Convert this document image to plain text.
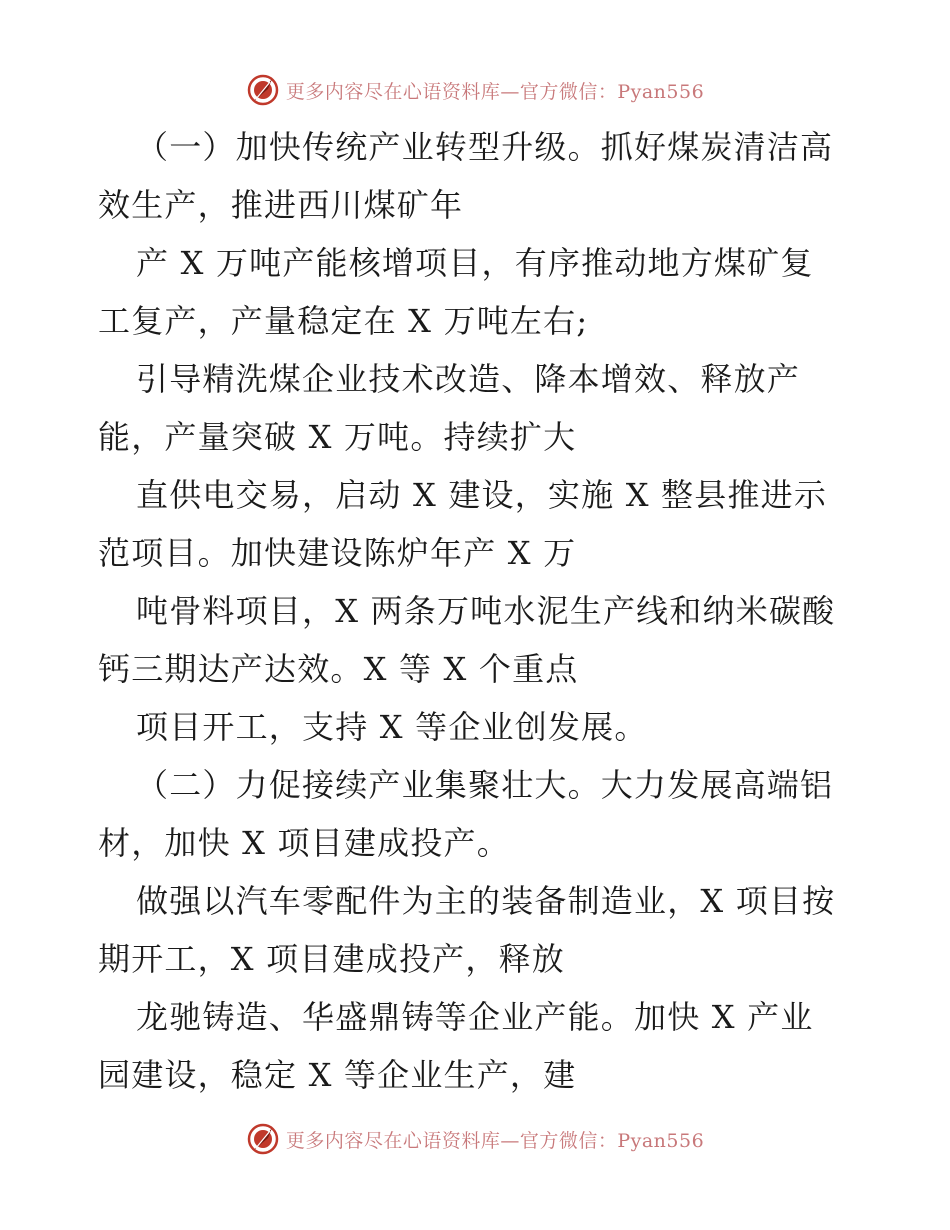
更多内容尽在心语资料库—官方微信：Pyan556
（一）加快传统产业转型升级。抓好煤炭清洁高
效生产，推进西川煤矿年
产 X 万吨产能核增项目，有序推动地方煤矿复
工复产，产量稳定在 X 万吨左右;
引导精洗煤企业技术改造、降本增效、释放产
能，产量突破 X 万吨。持续扩大
直供电交易，启动 X 建设，实施 X 整县推进示
范项目。加快建设陈炉年产 X 万
吨骨料项目，X 两条万吨水泥生产线和纳米碳酸
钙三期达产达效。X 等 X 个重点
项目开工，支持 X 等企业创发展。
（二）力促接续产业集聚壮大。大力发展高端铝
材，加快 X 项目建成投产。
做强以汽车零配件为主的装备制造业，X 项目按
期开工，X 项目建成投产，释放
龙驰铸造、华盛鼎铸等企业产能。加快 X 产业
园建设，稳定 X 等企业生产，建
更多内容尽在心语资料库—官方微信：Pyan556
